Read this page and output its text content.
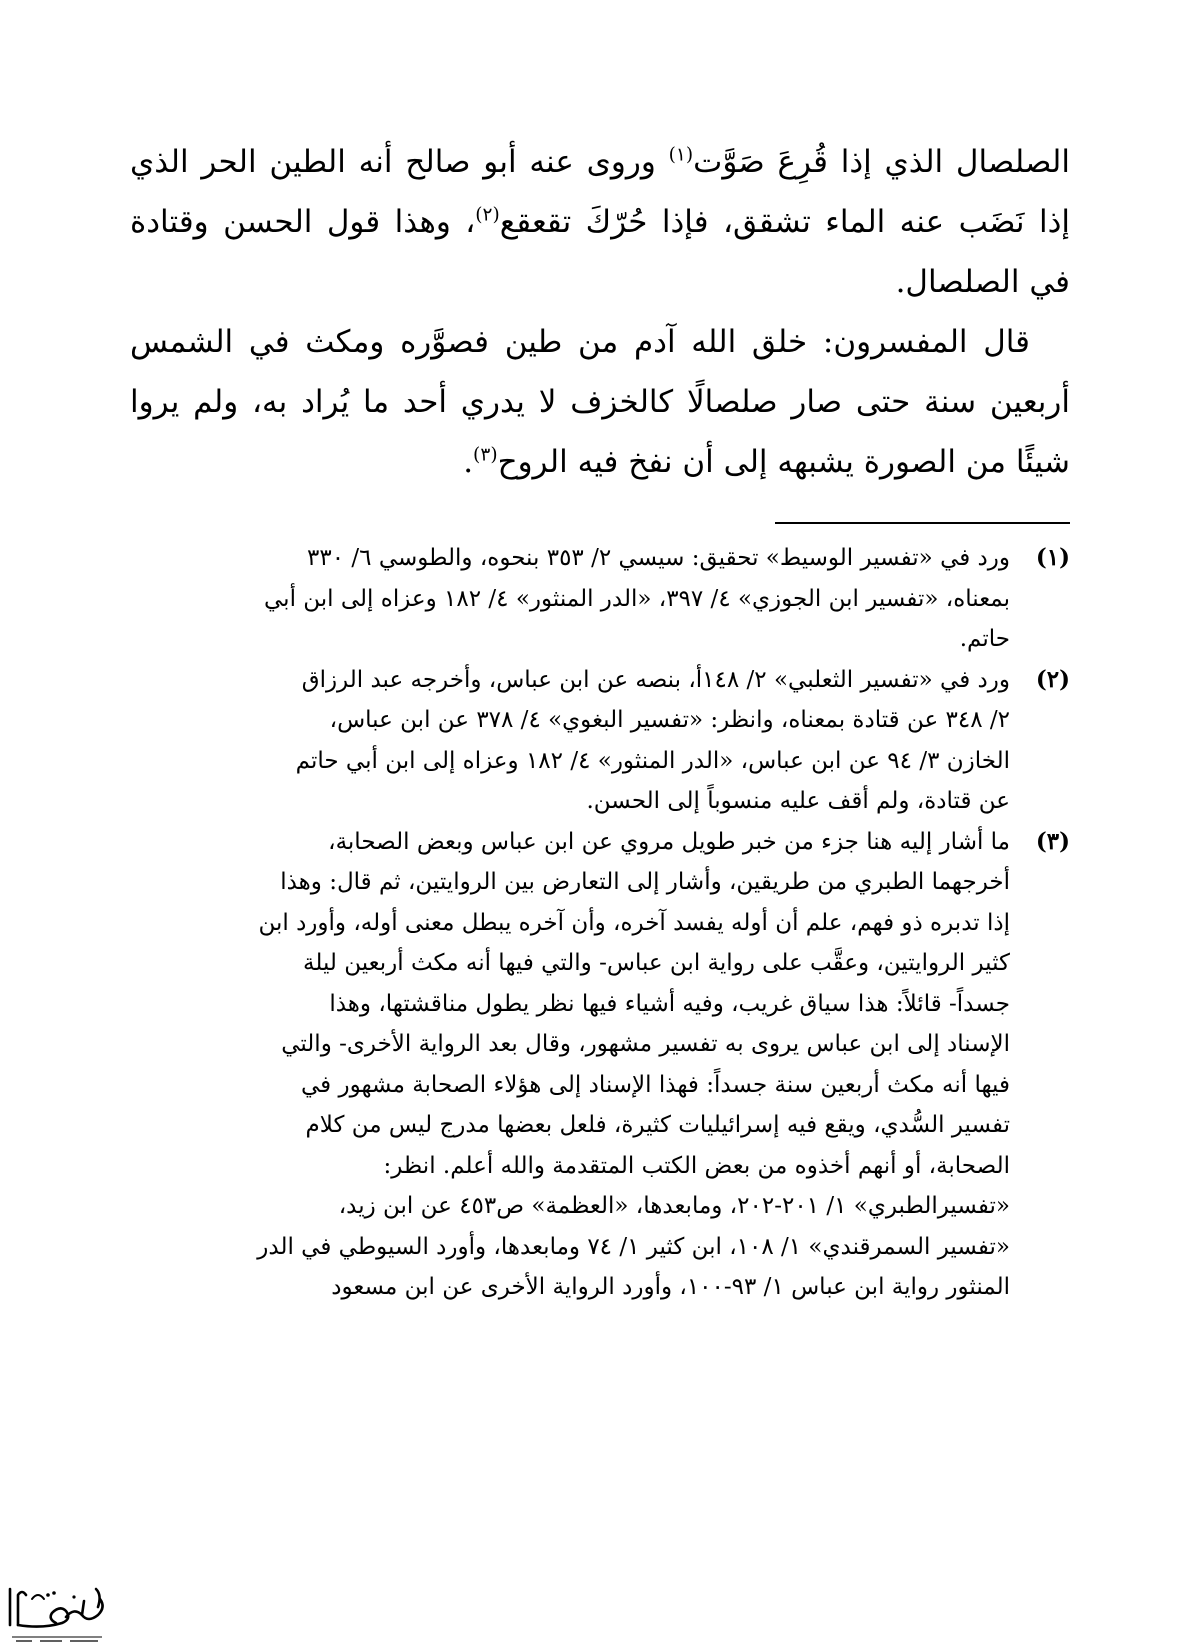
الصلصال الذي إذا قُرِعَ صَوَّت$^{(١)}$ وروى عنه أبو صالح أنه الطين الحر الذي إذا نَضَب عنه الماء تشقق، فإذا حُرّكَ تقعقع$^{(٢)}$، وهذا قول الحسن وقتادة في الصلصال.

قال المفسرون: خلق الله آدم من طين فصوَّره ومكث في الشمس أربعين سنة حتى صار صلصالًا كالخزف لا يدري أحد ما يُراد به، ولم يروا شيئًا من الصورة يشبهه إلى أن نفخ فيه الروح$^{(٣)}$.

(١)
ورد في «تفسير الوسيط» تحقيق: سيسي ٢/ ٣٥٣ بنحوه، والطوسي ٦/ ٣٣٠
بمعناه، «تفسير ابن الجوزي» ٤/ ٣٩٧، «الدر المنثور» ٤/ ١٨٢ وعزاه إلى ابن أبي
حاتم.
(٢)
ورد في «تفسير الثعلبي» ٢/ ١٤٨أ، بنصه عن ابن عباس، وأخرجه عبد الرزاق
٢/ ٣٤٨ عن قتادة بمعناه، وانظر: «تفسير البغوي» ٤/ ٣٧٨ عن ابن عباس،
الخازن ٣/ ٩٤ عن ابن عباس، «الدر المنثور» ٤/ ١٨٢ وعزاه إلى ابن أبي حاتم
عن قتادة، ولم أقف عليه منسوباً إلى الحسن.
(٣)
ما أشار إليه هنا جزء من خبر طويل مروي عن ابن عباس وبعض الصحابة،
أخرجهما الطبري من طريقين، وأشار إلى التعارض بين الروايتين، ثم قال: وهذا
إذا تدبره ذو فهم، علم أن أوله يفسد آخره، وأن آخره يبطل معنى أوله، وأورد ابن
كثير الروايتين، وعقَّب على رواية ابن عباس- والتي فيها أنه مكث أربعين ليلة
جسداً- قائلاً: هذا سياق غريب، وفيه أشياء فيها نظر يطول مناقشتها، وهذا
الإسناد إلى ابن عباس يروى به تفسير مشهور، وقال بعد الرواية الأخرى- والتي
فيها أنه مكث أربعين سنة جسداً: فهذا الإسناد إلى هؤلاء الصحابة مشهور في
تفسير السُّدي، ويقع فيه إسرائيليات كثيرة، فلعل بعضها مدرج ليس من كلام
الصحابة، أو أنهم أخذوه من بعض الكتب المتقدمة والله أعلم. انظر:
«تفسيرالطبري» ١/ ٢٠١-٢٠٢، ومابعدها، «العظمة» ص٤٥٣ عن ابن زيد،
«تفسير السمرقندي» ١/ ١٠٨، ابن كثير ١/ ٧٤ ومابعدها، وأورد السيوطي في الدر
المنثور رواية ابن عباس ١/ ٩٣-١٠٠، وأورد الرواية الأخرى عن ابن مسعود
